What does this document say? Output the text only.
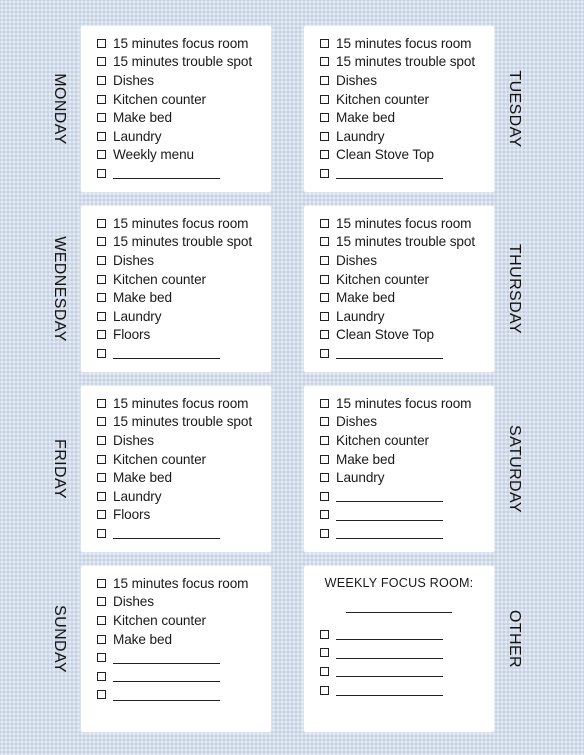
15 minutes focus room
15 minutes trouble spot
Dishes
Kitchen counter
Make bed
Laundry
Weekly menu
MONDAY
15 minutes focus room
15 minutes trouble spot
Dishes
Kitchen counter
Make bed
Laundry
Clean Stove Top
TUESDAY
15 minutes focus room
15 minutes trouble spot
Dishes
Kitchen counter
Make bed
Laundry
Floors
WEDNESDAY
15 minutes focus room
15 minutes trouble spot
Dishes
Kitchen counter
Make bed
Laundry
Clean Stove Top
THURSDAY
15 minutes focus room
15 minutes trouble spot
Dishes
Kitchen counter
Make bed
Laundry
Floors
FRIDAY
15 minutes focus room
Dishes
Kitchen counter
Make bed
Laundry	SATURDAY
15 minutes focus room
Dishes
Kitchen counter
Make bed
SUNDAY
WEEKLY FOCUS ROOM:
OTHER
